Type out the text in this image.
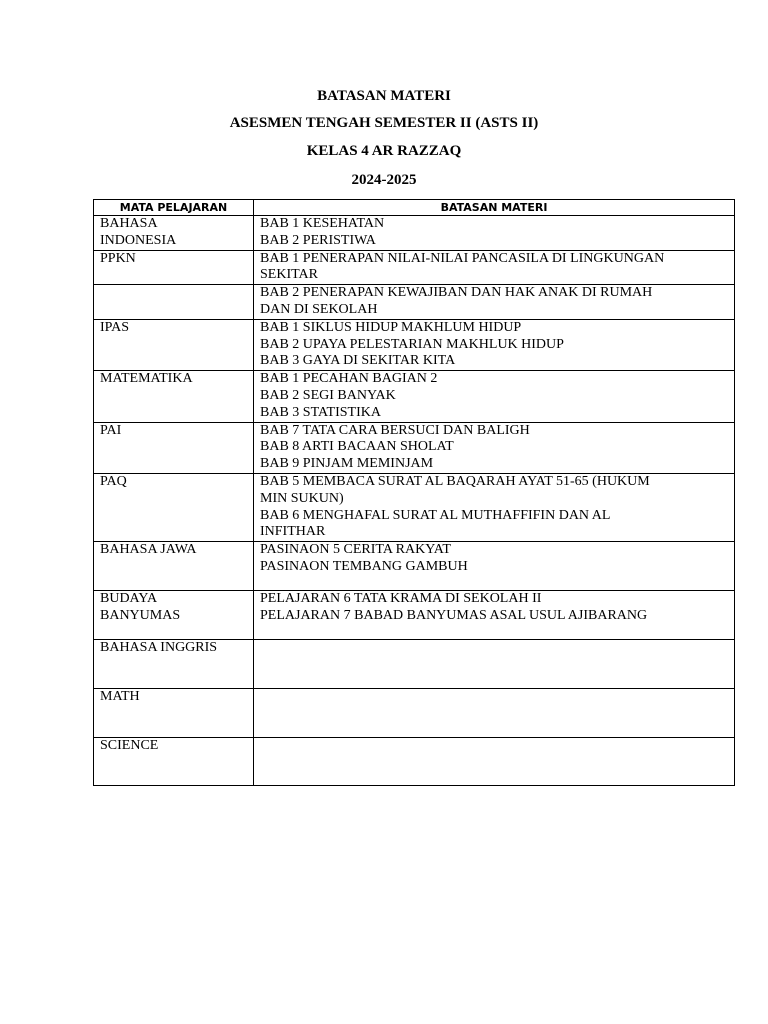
BATASAN MATERI
ASESMEN TENGAH SEMESTER II (ASTS II)
KELAS 4 AR RAZZAQ
2024-2025
MATA PELAJARAN	BATASAN MATERI

BAHASA
INDONESIA	BAB 1 KESEHATAN
BAB 2 PERISTIWA

PPKN	BAB 1 PENERAPAN NILAI-NILAI PANCASILA DI LINGKUNGAN
SEKITAR

	BAB 2 PENERAPAN KEWAJIBAN DAN HAK ANAK DI RUMAH
DAN DI SEKOLAH

IPAS	BAB 1 SIKLUS HIDUP MAKHLUM HIDUP
BAB 2 UPAYA PELESTARIAN MAKHLUK HIDUP
BAB 3 GAYA DI SEKITAR KITA

MATEMATIKA	BAB 1 PECAHAN BAGIAN 2
BAB 2 SEGI BANYAK
BAB 3 STATISTIKA

PAI	BAB 7 TATA CARA BERSUCI DAN BALIGH
BAB 8 ARTI BACAAN SHOLAT
BAB 9 PINJAM MEMINJAM

PAQ	BAB 5 MEMBACA SURAT AL BAQARAH AYAT 51-65 (HUKUM
MIN SUKUN)
BAB 6 MENGHAFAL SURAT AL MUTHAFFIFIN DAN AL
INFITHAR

BAHASA JAWA	PASINAON 5 CERITA RAKYAT
PASINAON TEMBANG GAMBUH

BUDAYA
BANYUMAS	PELAJARAN 6 TATA KRAMA DI SEKOLAH II
PELAJARAN 7 BABAD BANYUMAS ASAL USUL AJIBARANG

BAHASA INGGRIS	

MATH	

SCIENCE	
